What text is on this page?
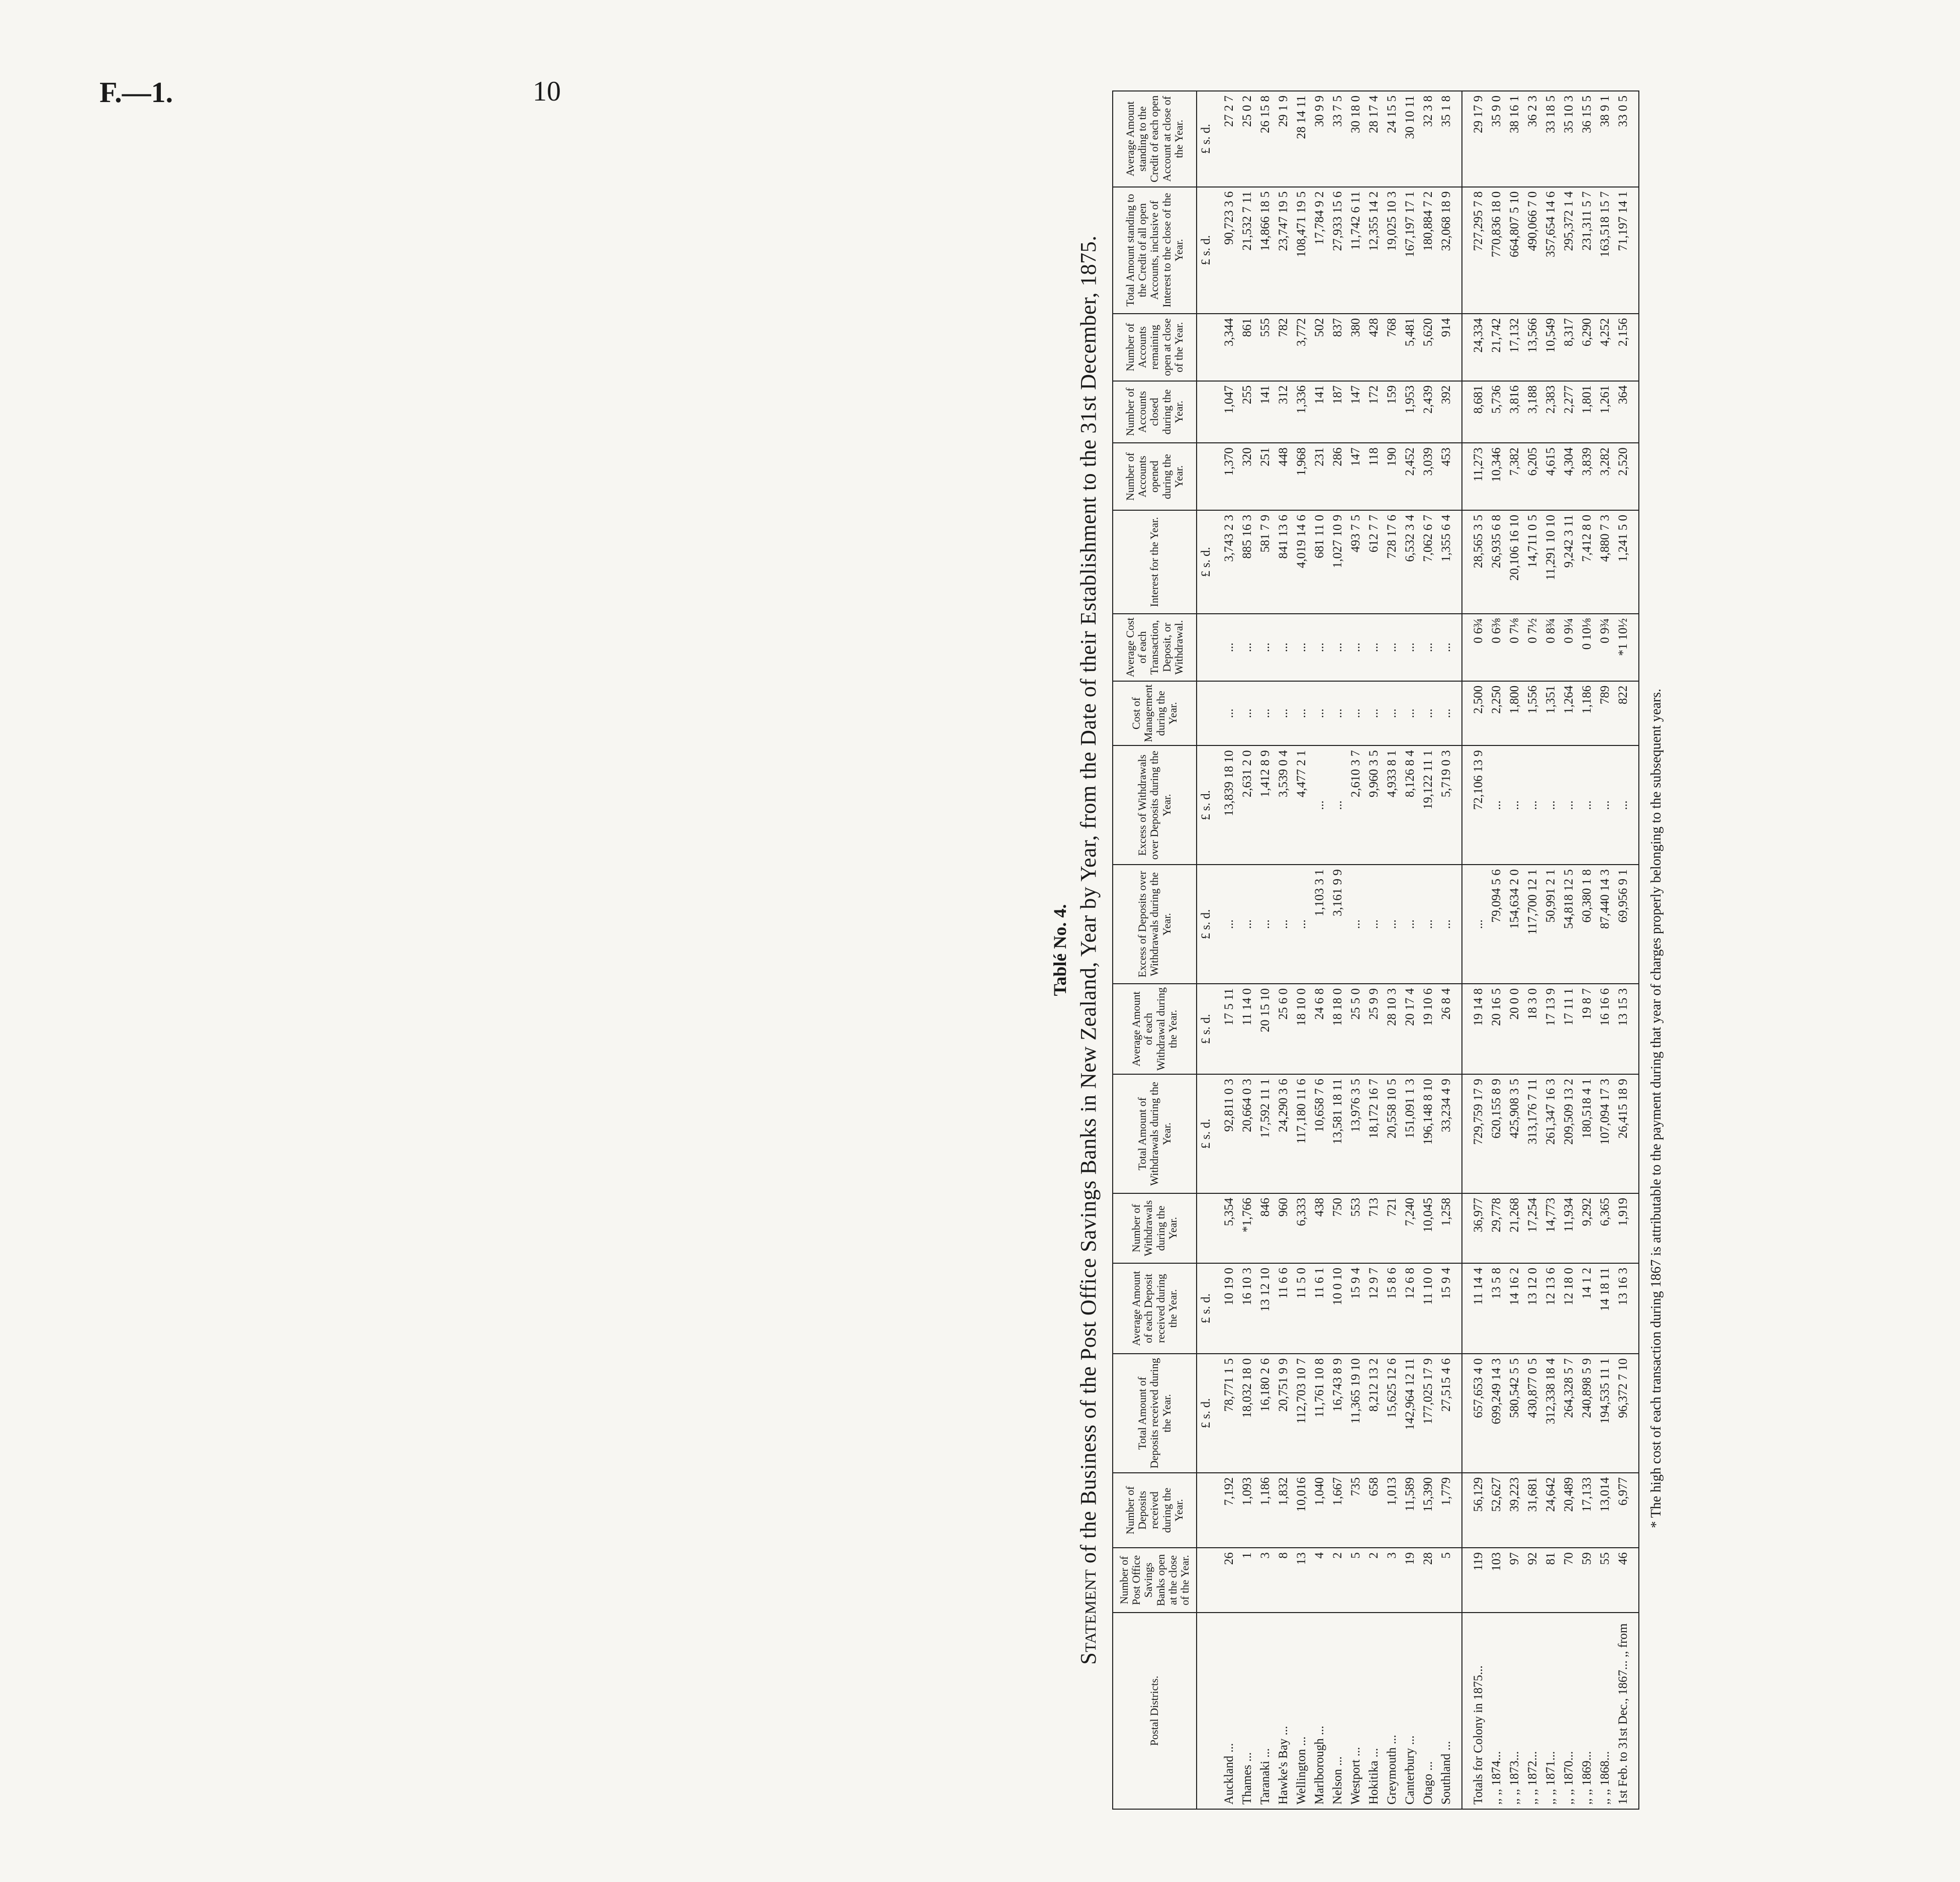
F.—1.	10
Tablé No. 4.
Statement of the Business of the Post Office Savings Banks in New Zealand, Year by Year, from the Date of their Establishment to the 31st December, 1875.
Postal Districts.	Number of Post Office Savings Banks open at the close of the Year.	Number of Deposits received during the Year.	Total Amount of Deposits received during the Year.	Average Amount of each Deposit received during the Year.	Number of Withdrawals during the Year.	Total Amount of Withdrawals during the Year.	Average Amount of each Withdrawal during the Year.	Excess of Deposits over Withdrawals during the Year.	Excess of Withdrawals over Deposits during the Year.	Cost of Management during the Year.	Average Cost of each Transaction, Deposit, or Withdrawal.	Interest for the Year.	Number of Accounts opened during the Year.	Number of Accounts closed during the Year.	Number of Accounts remaining open at close of the Year.	Total Amount standing to the Credit of all open Accounts, inclusive of Interest to the close of the Year.	Average Amount standing to the Credit of each open Account at close of the Year.
			£ s. d.	£ s. d.		£ s. d.	£ s. d.	£ s. d.	£ s. d.			£ s. d.				£ s. d.	£ s. d.
Auckland ...	26	7,192	78,771 1 5	10 19 0	5,354	92,811 0 3	17 5 11	...	13,839 18 10	...	...	3,743 2 3	1,370	1,047	3,344	90,723 3 6	27 2 7
Thames ...	1	1,093	18,032 18 0	16 10 3	*1,766	20,664 0 3	11 14 0	...	2,631 2 0	...	...	885 16 3	320	255	861	21,532 7 11	25 0 2
Taranaki ...	3	1,186	16,180 2 6	13 12 10	846	17,592 11 1	20 15 10	...	1,412 8 9	...	...	581 7 9	251	141	555	14,866 18 5	26 15 8
Hawke's Bay ...	8	1,832	20,751 9 9	11 6 6	960	24,290 3 6	25 6 0	...	3,539 0 4	...	...	841 13 6	448	312	782	23,747 19 5	29 1 9
Wellington ...	13	10,016	112,703 10 7	11 5 0	6,333	117,180 11 6	18 10 0	...	4,477 2 1	...	...	4,019 14 6	1,968	1,336	3,772	108,471 19 5	28 14 11
Marlborough ...	4	1,040	11,761 10 8	11 6 1	438	10,658 7 6	24 6 8	1,103 3 1	...	...	...	681 11 0	231	141	502	17,784 9 2	30 9 9
Nelson ...	2	1,667	16,743 8 9	10 0 10	750	13,581 18 11	18 18 0	3,161 9 9	...	...	...	1,027 10 9	286	187	837	27,933 15 6	33 7 5
Westport ...	5	735	11,365 19 10	15 9 4	553	13,976 3 5	25 5 0	...	2,610 3 7	...	...	493 7 5	147	147	380	11,742 6 11	30 18 0
Hokitika ...	2	658	8,212 13 2	12 9 7	713	18,172 16 7	25 9 9	...	9,960 3 5	...	...	612 7 7	118	172	428	12,355 14 2	28 17 4
Greymouth ...	3	1,013	15,625 12 6	15 8 6	721	20,558 10 5	28 10 3	...	4,933 8 1	...	...	728 17 6	190	159	768	19,025 10 3	24 15 5
Canterbury ...	19	11,589	142,964 12 11	12 6 8	7,240	151,091 1 3	20 17 4	...	8,126 8 4	...	...	6,532 3 4	2,452	1,953	5,481	167,197 17 1	30 10 11
Otago ...	28	15,390	177,025 17 9	11 10 0	10,045	196,148 8 10	19 10 6	...	19,122 11 1	...	...	7,062 6 7	3,039	2,439	5,620	180,884 7 2	32 3 8
Southland ...	5	1,779	27,515 4 6	15 9 4	1,258	33,234 4 9	26 8 4	...	5,719 0 3	...	...	1,355 6 4	453	392	914	32,068 18 9	35 1 8
Totals for Colony in 1875...	119	56,129	657,653 4 0	11 14 4	36,977	729,759 17 9	19 14 8	...	72,106 13 9	2,500	0 6¾	28,565 3 5	11,273	8,681	24,334	727,295 7 8	29 17 9
,, ,, 1874...	103	52,627	699,249 14 3	13 5 8	29,778	620,155 8 9	20 16 5	79,094 5 6	...	2,250	0 6⅜	26,935 6 8	10,346	5,736	21,742	770,836 18 0	35 9 0
,, ,, 1873...	97	39,223	580,542 5 5	14 16 2	21,268	425,908 3 5	20 0 0	154,634 2 0	...	1,800	0 7⅛	20,106 16 10	7,382	3,816	17,132	664,807 5 10	38 16 1
,, ,, 1872...	92	31,681	430,877 0 5	13 12 0	17,254	313,176 7 11	18 3 0	117,700 12 1	...	1,556	0 7½	14,711 0 5	6,205	3,188	13,566	490,066 7 0	36 2 3
,, ,, 1871...	81	24,642	312,338 18 4	12 13 6	14,773	261,347 16 3	17 13 9	50,991 2 1	...	1,351	0 8¾	11,291 10 10	4,615	2,383	10,549	357,654 14 6	33 18 5
,, ,, 1870...	70	20,489	264,328 5 7	12 18 0	11,934	209,509 13 2	17 11 1	54,818 12 5	...	1,264	0 9¼	9,242 3 11	4,304	2,277	8,317	295,372 1 4	35 10 3
,, ,, 1869...	59	17,133	240,898 5 9	14 1 2	9,292	180,518 4 1	19 8 7	60,380 1 8	...	1,186	0 10⅛	7,412 8 0	3,839	1,801	6,290	231,311 5 7	36 15 5
,, ,, 1868...	55	13,014	194,535 11 1	14 18 11	6,365	107,094 17 3	16 16 6	87,440 14 3	...	789	0 9¾	4,880 7 3	3,282	1,261	4,252	163,518 15 7	38 9 1
1st Feb. to 31st Dec., 1867... ,, from	46	6,977	96,372 7 10	13 16 3	1,919	26,415 18 9	13 15 3	69,956 9 1	...	822	*1 10½	1,241 5 0	2,520	364	2,156	71,197 14 1	33 0 5
* The high cost of each transaction during 1867 is attributable to the payment during that year of charges properly belonging to the subsequent years.
